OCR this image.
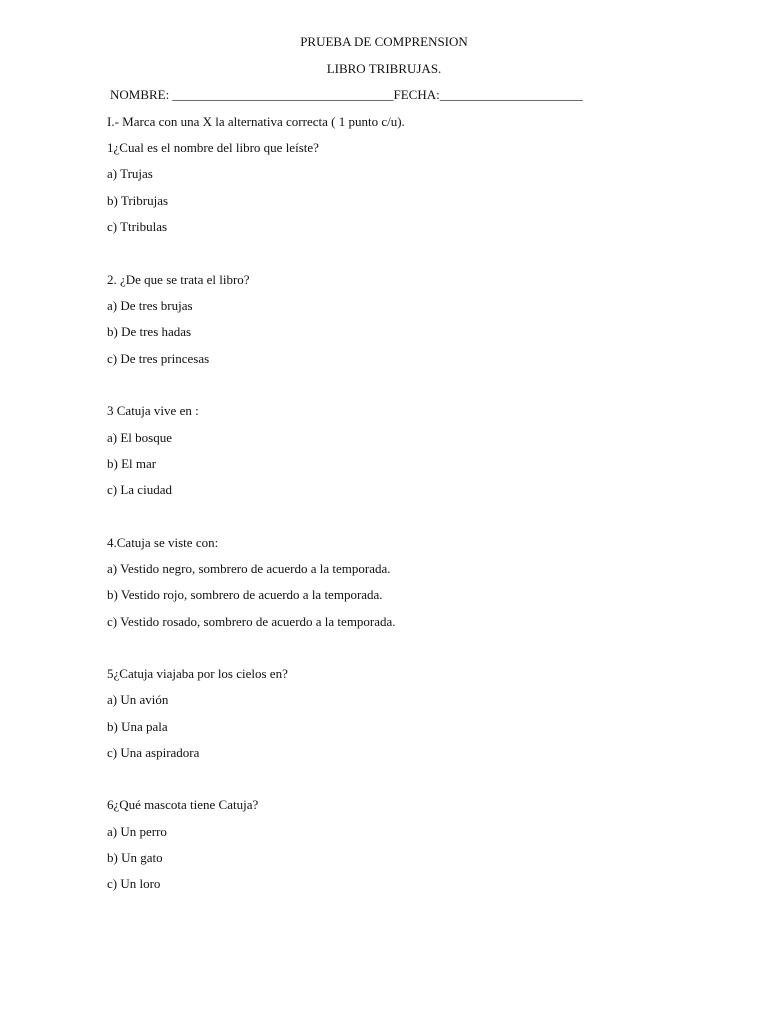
PRUEBA DE COMPRENSION
LIBRO TRIBRUJAS.
NOMBRE: __________________________________FECHA:______________________
I.- Marca con una X la alternativa correcta ( 1 punto c/u).
1¿Cual es el nombre del libro que leíste?
a) Trujas
b) Tribrujas
c) Ttribulas
2. ¿De que se trata el libro?
a) De tres brujas
b) De tres hadas
c) De tres princesas
3 Catuja vive en :
a) El bosque
b) El mar
c) La ciudad
4.Catuja se viste con:
a) Vestido negro, sombrero de acuerdo a la temporada.
b) Vestido rojo, sombrero de acuerdo a la temporada.
c) Vestido rosado, sombrero de acuerdo a la temporada.
5¿Catuja viajaba por los cielos en?
a) Un avión
b) Una pala
c) Una aspiradora
6¿Qué mascota tiene Catuja?
a) Un perro
b) Un gato
c) Un loro
